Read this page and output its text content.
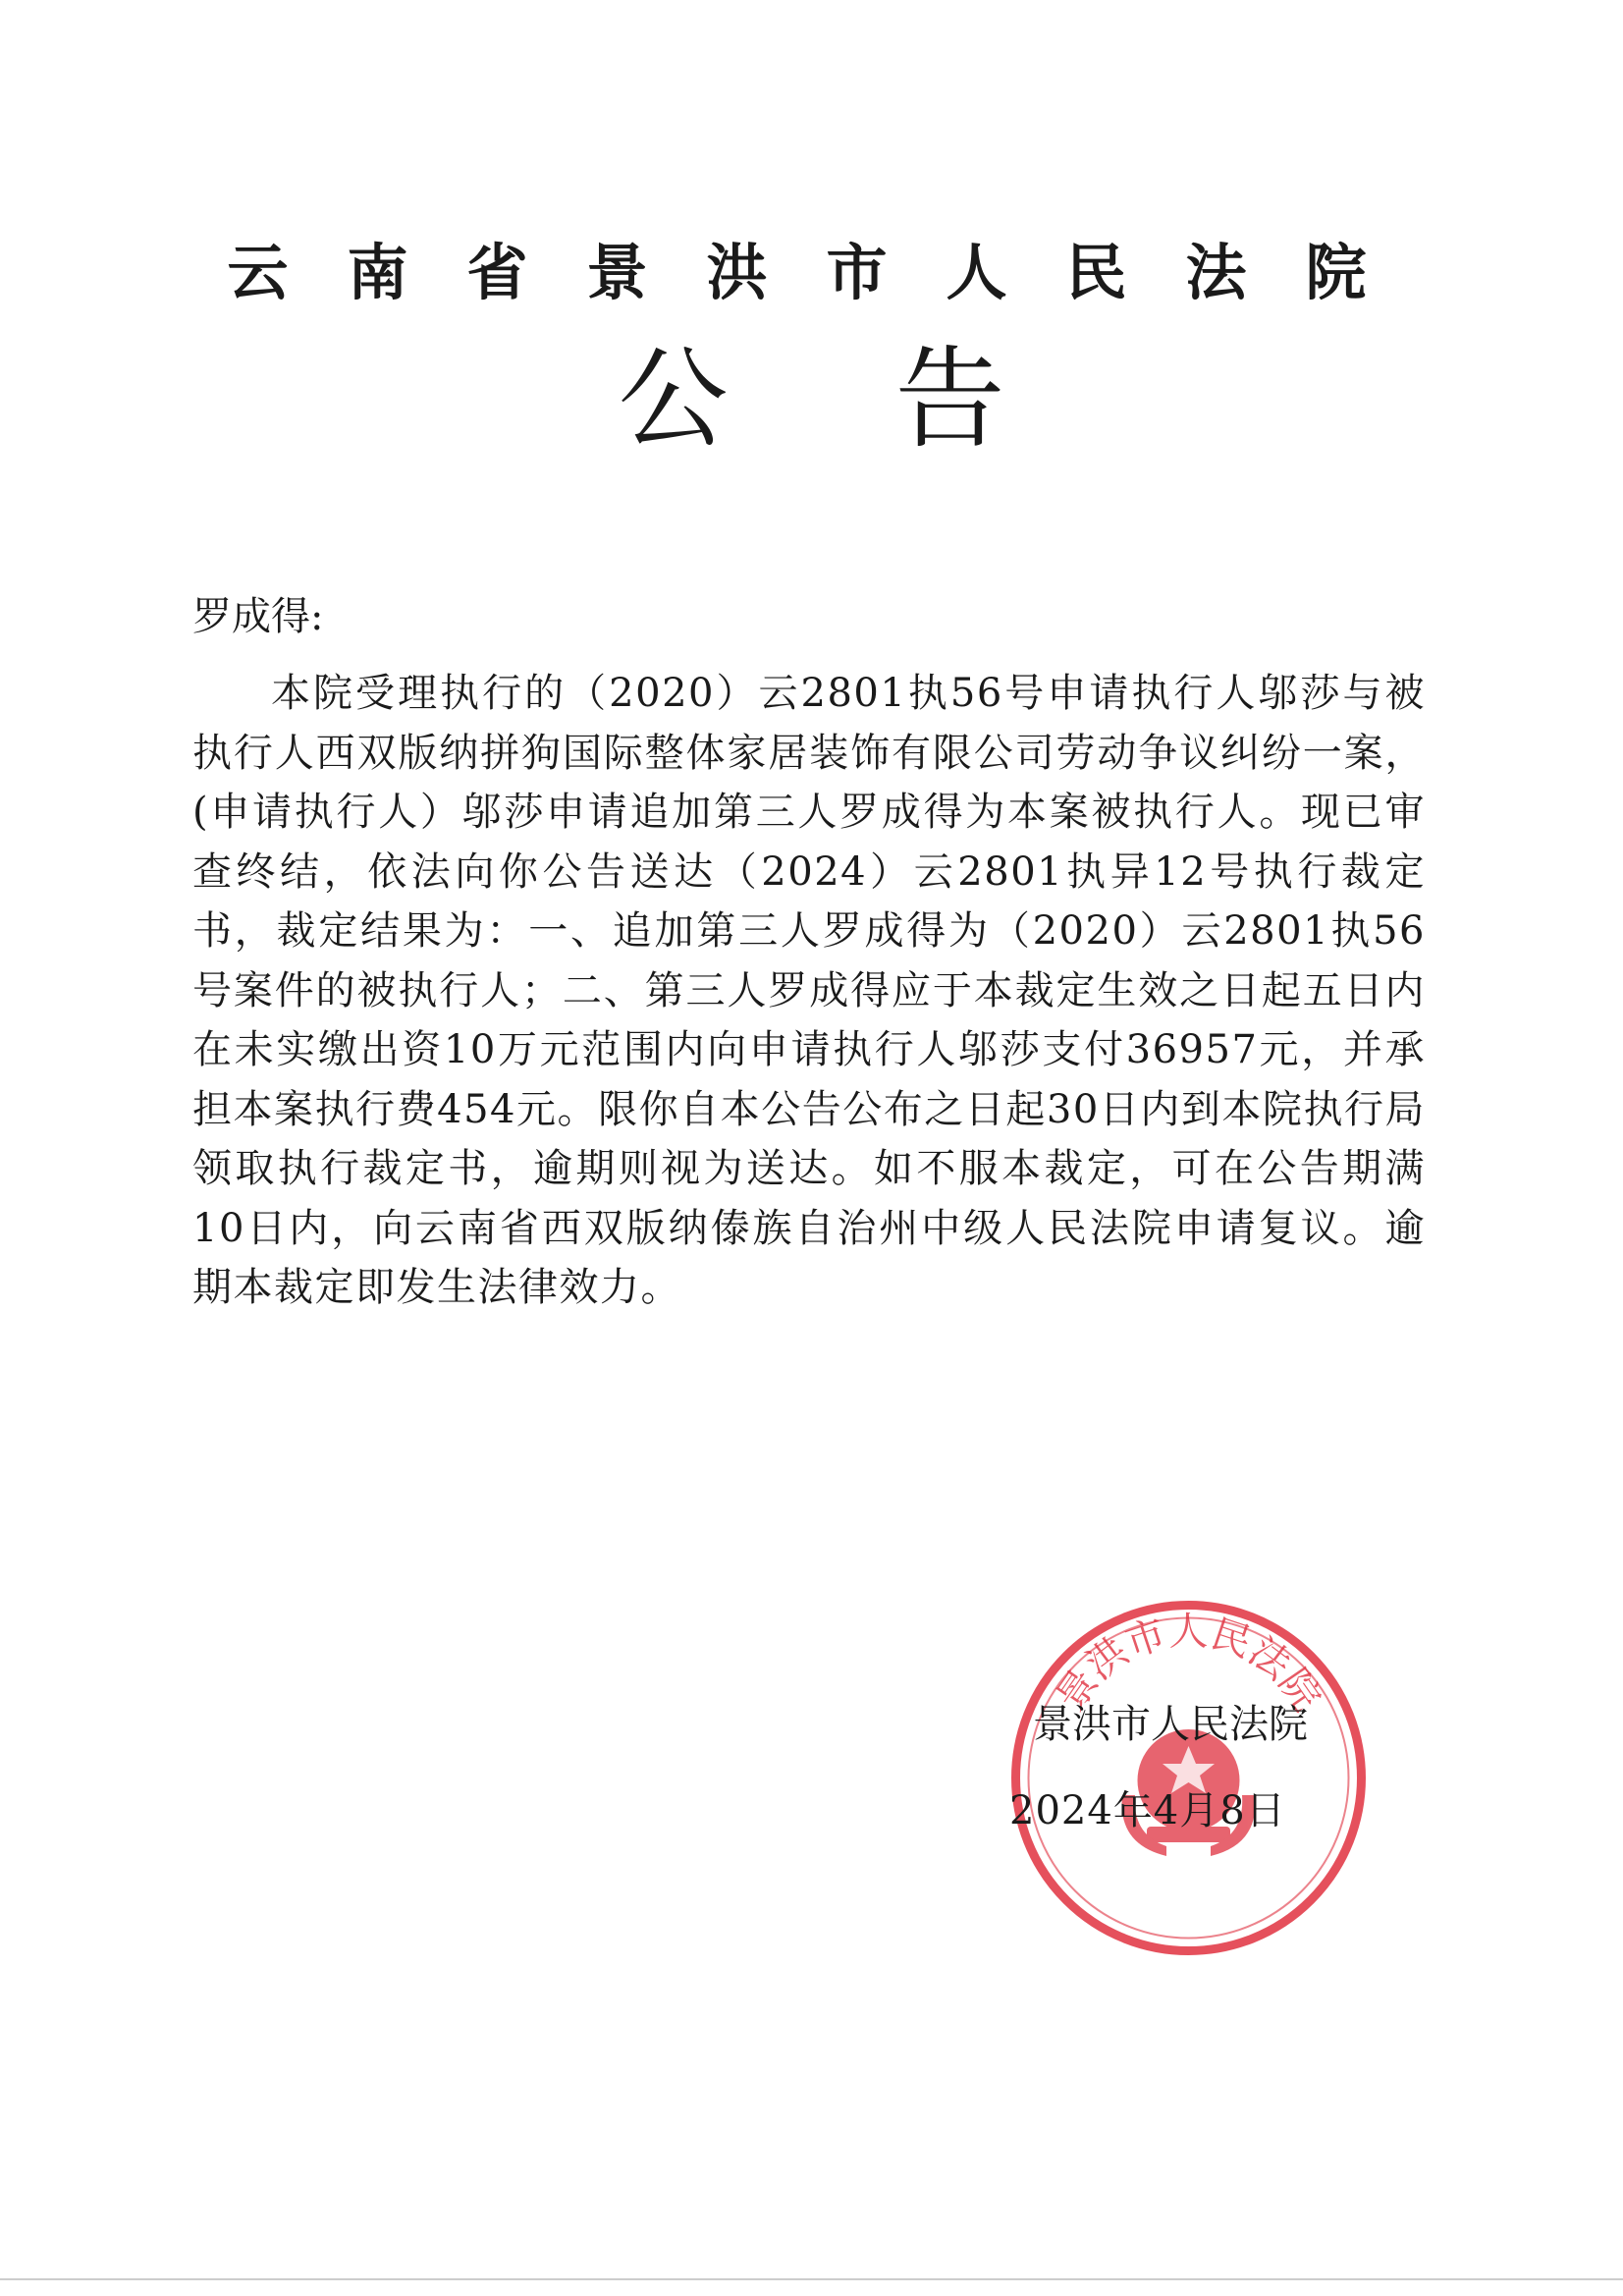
云南省景洪市人民法院
公告
罗成得:
本院受理执行的（2020）云2801执56号申请执行人邬莎与被执行人西双版纳拼狗国际整体家居装饰有限公司劳动争议纠纷一案，(申请执行人）邬莎申请追加第三人罗成得为本案被执行人。现已审查终结，依法向你公告送达（2024）云2801执异12号执行裁定书，裁定结果为：一、追加第三人罗成得为（2020）云2801执56号案件的被执行人；二、第三人罗成得应于本裁定生效之日起五日内在未实缴出资10万元范围内向申请执行人邬莎支付36957元，并承担本案执行费454元。限你自本公告公布之日起30日内到本院执行局领取执行裁定书，逾期则视为送达。如不服本裁定，可在公告期满10日内，向云南省西双版纳傣族自治州中级人民法院申请复议。逾期本裁定即发生法律效力。
景洪市人民法院
景洪市人民法院
2024年4月8日
